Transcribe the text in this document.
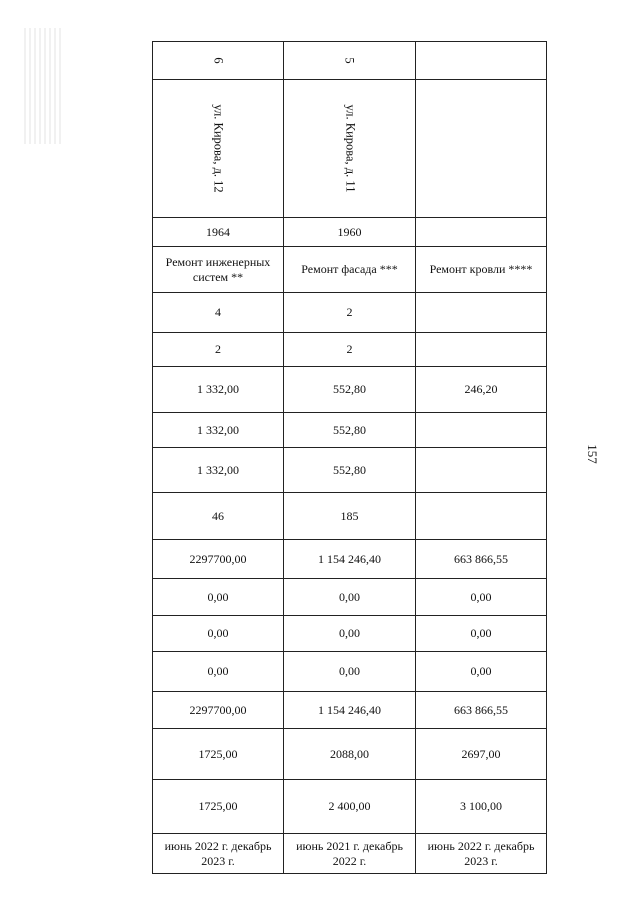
157
6	5	
ул. Кирова, д. 12	ул. Кирова, д. 11	
1964	1960	
Ремонт инженерных систем **	Ремонт фасада ***	Ремонт кровли ****
4	2	
2	2	
1 332,00	552,80	246,20
1 332,00	552,80	
1 332,00	552,80	
46	185	
2297700,00	1 154 246,40	663 866,55
0,00	0,00	0,00
0,00	0,00	0,00
0,00	0,00	0,00
2297700,00	1 154 246,40	663 866,55
1725,00	2088,00	2697,00
1725,00	2 400,00	3 100,00
июнь 2022 г. декабрь 2023 г.	июнь 2021 г. декабрь 2022 г.	июнь 2022 г. декабрь 2023 г.
